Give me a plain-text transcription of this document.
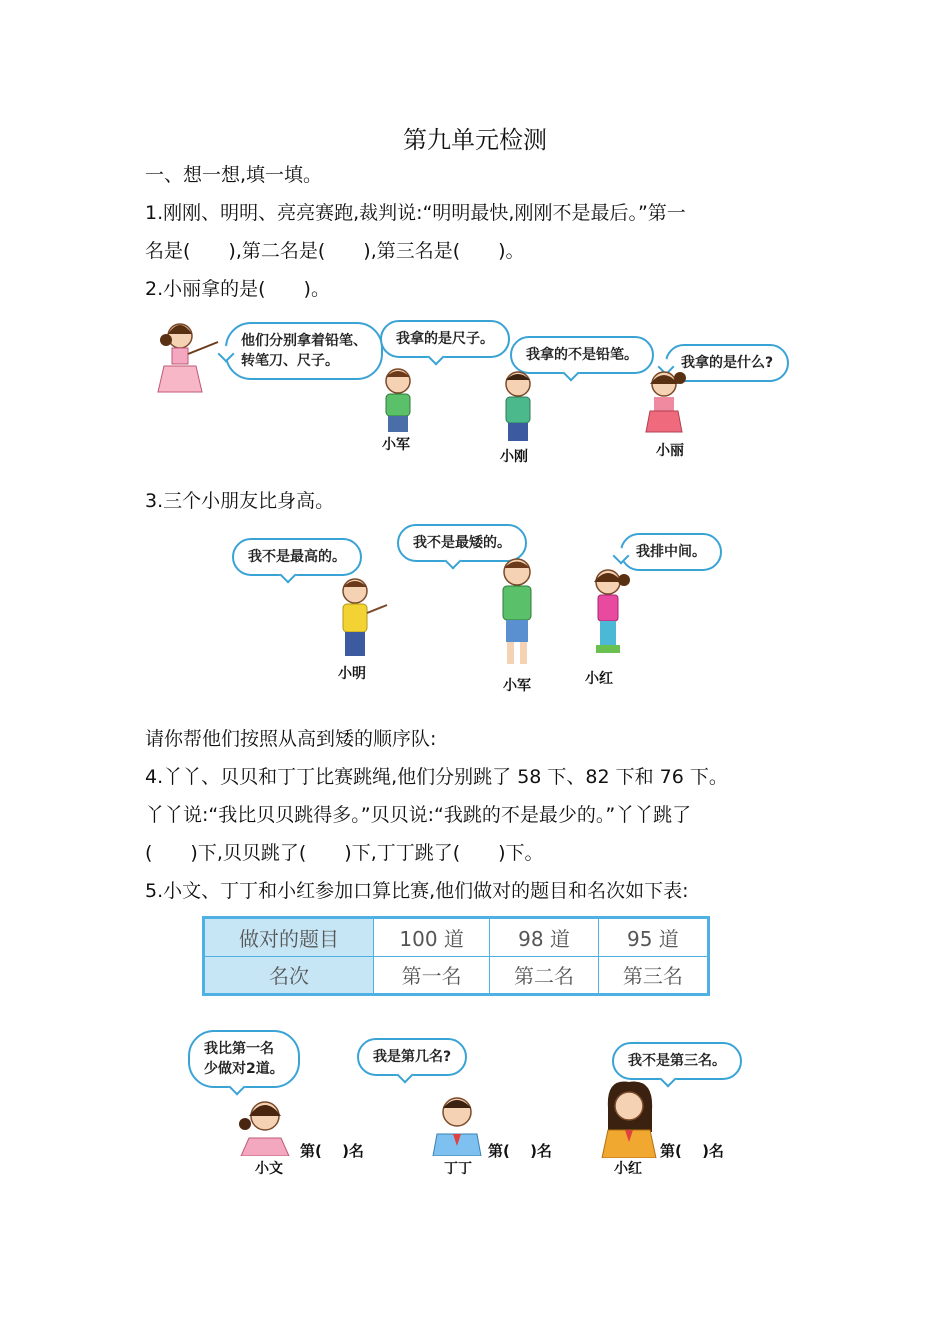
第九单元检测
一、想一想,填一填。
1.刚刚、明明、亮亮赛跑,裁判说:“明明最快,刚刚不是最后。”第一
名是(　　),第二名是(　　),第三名是(　　)。
2.小丽拿的是(　　)。
他们分别拿着铅笔、
转笔刀、尺子。
我拿的是尺子。
我拿的不是铅笔。	我拿的是什么?
小军
小刚	小丽
3.三个小朋友比身高。
我不是最高的。
我不是最矮的。
我排中间。
小明
小军	小红
请你帮他们按照从高到矮的顺序队:
4.丫丫、贝贝和丁丁比赛跳绳,他们分别跳了 58 下、82 下和 76 下。
丫丫说:“我比贝贝跳得多。”贝贝说:“我跳的不是最少的。”丫丫跳了
(　　)下,贝贝跳了(　　)下,丁丁跳了(　　)下。
5.小文、丁丁和小红参加口算比赛,他们做对的题目和名次如下表:
做对的题目	100 道	98 道	95 道
名次	第一名	第二名	第三名
我比第一名
少做对2道。
我是第几名?	我不是第三名。
小文
第(　 )名
丁丁
第(　 )名
小红
第(　 )名
